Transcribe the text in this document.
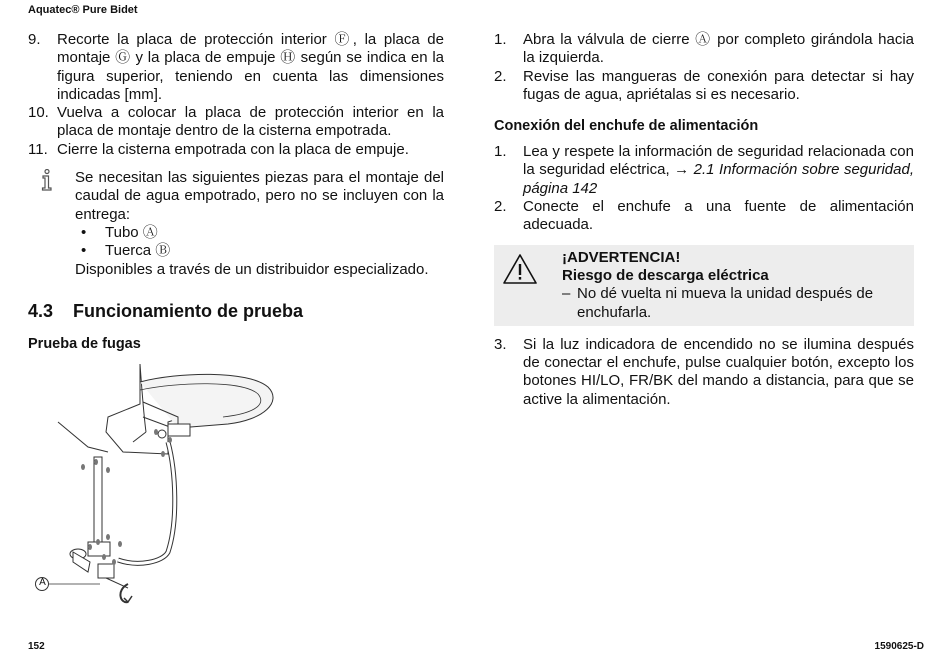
Aquatec® Pure Bidet
9.	Recorte la placa de protección interior Ⓕ, la placa de montaje Ⓖ y la placa de empuje Ⓗ según se indica en la figura superior, teniendo en cuenta las dimensiones indicadas [mm].
10. Vuelva a colocar la placa de protección interior en la placa de montaje dentro de la cisterna empotrada.
11. Cierre la cisterna empotrada con la placa de empuje.
Se necesitan las siguientes piezas para el montaje del caudal de agua empotrado, pero no se incluyen con la entrega:
•	Tubo Ⓐ
•	Tuerca Ⓑ
Disponibles a través de un distribuidor especializado.
4.3	Funcionamiento de prueba
Prueba de fugas
A
1.	Abra la válvula de cierre Ⓐ por completo girándola hacia la izquierda.
2.	Revise las mangueras de conexión para detectar si hay fugas de agua, apriétalas si es necesario.
Conexión del enchufe de alimentación
1.	Lea y respete la información de seguridad relacionada con la seguridad eléctrica, → 2.1 Información sobre seguridad, página 142
2.	Conecte el enchufe a una fuente de alimentación adecuada.
¡ADVERTENCIA!
Riesgo de descarga eléctrica
– No dé vuelta ni mueva la unidad después de enchufarla.
3.	Si la luz indicadora de encendido no se ilumina después de conectar el enchufe, pulse cualquier botón, excepto los botones HI/LO, FR/BK del mando a distancia, para que se active la alimentación.
152	1590625-D
